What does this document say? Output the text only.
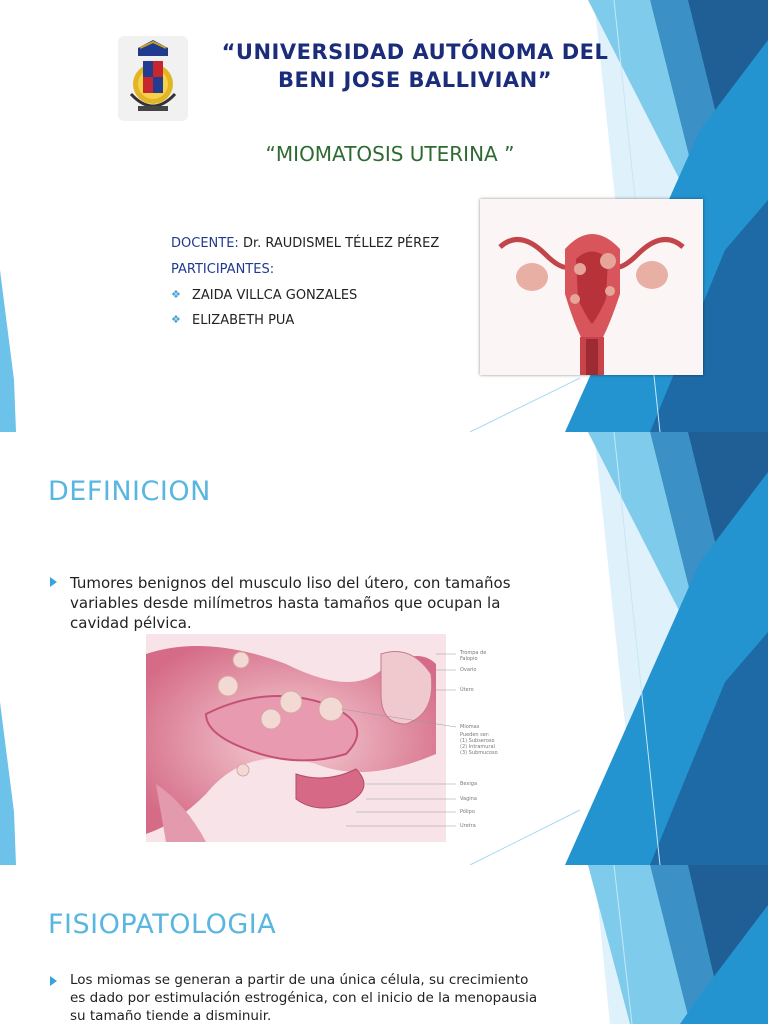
“UNIVERSIDAD AUTÓNOMA DEL BENI JOSE BALLIVIAN”
“MIOMATOSIS UTERINA ”
DOCENTE: Dr. RAUDISMEL TÉLLEZ PÉREZ
PARTICIPANTES:
❖ ZAIDA VILLCA GONZALES
❖ ELIZABETH PUA
DEFINICION
Tumores benignos del musculo liso del útero, con tamaños
variables desde milímetros hasta tamaños que ocupan la
cavidad pélvica.
Trompa de
Falopio
Ovario
Útero
Miomas
Pueden ser:
(1) Subseroso
(2) Intramural
(3) Submucoso
Bexiga
Vagina
Pólipo
Uretra
FISIOPATOLOGIA
Los miomas se generan a partir de una única célula, su crecimiento
es dado por estimulación estrogénica, con el inicio de la menopausia
su tamaño tiende a disminuir.
